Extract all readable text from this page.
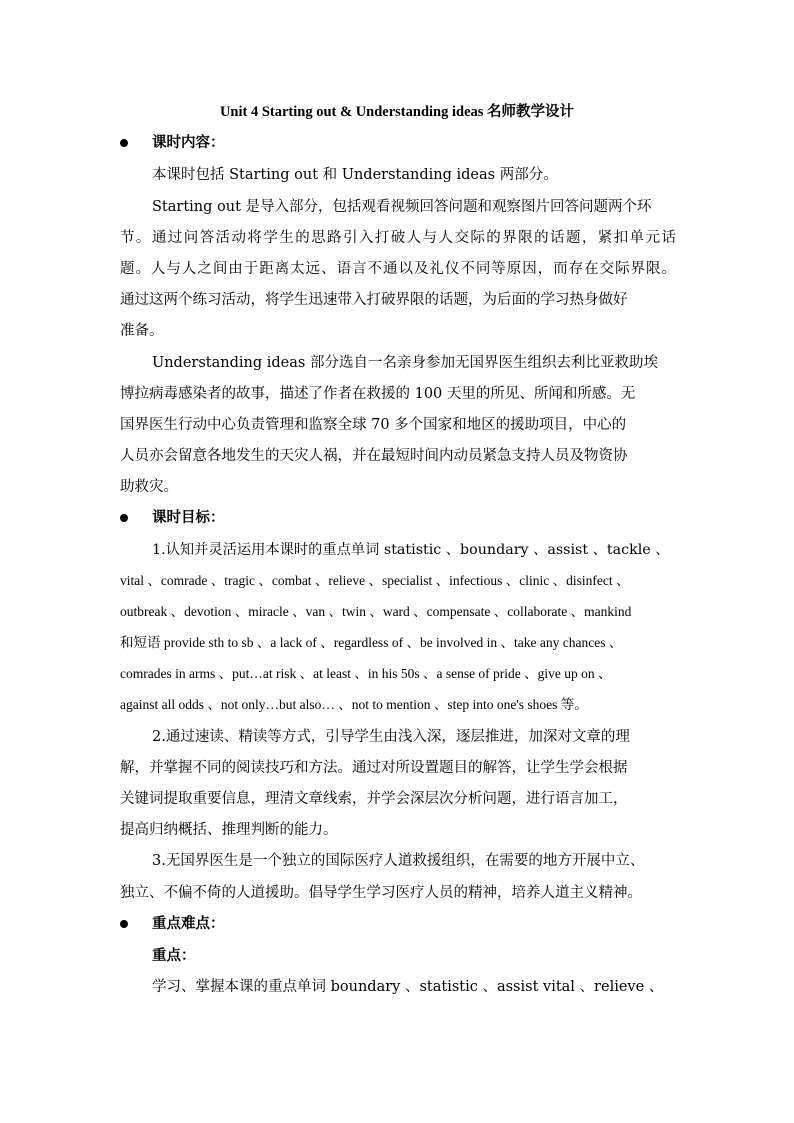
Unit 4 Starting out & Understanding ideas 名师教学设计
课时内容：
本课时包括 Starting out 和 Understanding ideas 两部分。
Starting out 是导入部分，包括观看视频回答问题和观察图片回答问题两个环
节。通过问答活动将学生的思路引入打破人与人交际的界限的话题，紧扣单元话
题。人与人之间由于距离太远、语言不通以及礼仪不同等原因，而存在交际界限。
通过这两个练习活动，将学生迅速带入打破界限的话题，为后面的学习热身做好
准备。
Understanding ideas 部分选自一名亲身参加无国界医生组织去利比亚救助埃
博拉病毒感染者的故事，描述了作者在救援的 100 天里的所见、所闻和所感。无
国界医生行动中心负责管理和监察全球 70 多个国家和地区的援助项目，中心的
人员亦会留意各地发生的天灾人祸，并在最短时间内动员紧急支持人员及物资协
助救灾。
课时目标：
1.认知并灵活运用本课时的重点单词 statistic 、boundary 、assist 、tackle 、
vital 、comrade 、tragic 、combat 、relieve 、specialist 、infectious 、clinic 、disinfect 、
outbreak 、devotion 、miracle 、van 、twin 、ward 、compensate 、collaborate 、mankind
和短语 provide sth to sb 、a lack of 、regardless of 、be involved in 、take any chances 、
comrades in arms 、put…at risk 、at least 、in his 50s 、a sense of pride 、give up on 、
against all odds 、not only…but also… 、not to mention 、step into one's shoes 等。
2.通过速读、精读等方式，引导学生由浅入深，逐层推进，加深对文章的理
解，并掌握不同的阅读技巧和方法。通过对所设置题目的解答，让学生学会根据
关键词提取重要信息，理清文章线索，并学会深层次分析问题，进行语言加工，
提高归纳概括、推理判断的能力。
3.无国界医生是一个独立的国际医疗人道救援组织，在需要的地方开展中立、
独立、不偏不倚的人道援助。倡导学生学习医疗人员的精神，培养人道主义精神。
重点难点：
重点：
学习、掌握本课的重点单词 boundary 、statistic 、assist vital 、relieve 、
